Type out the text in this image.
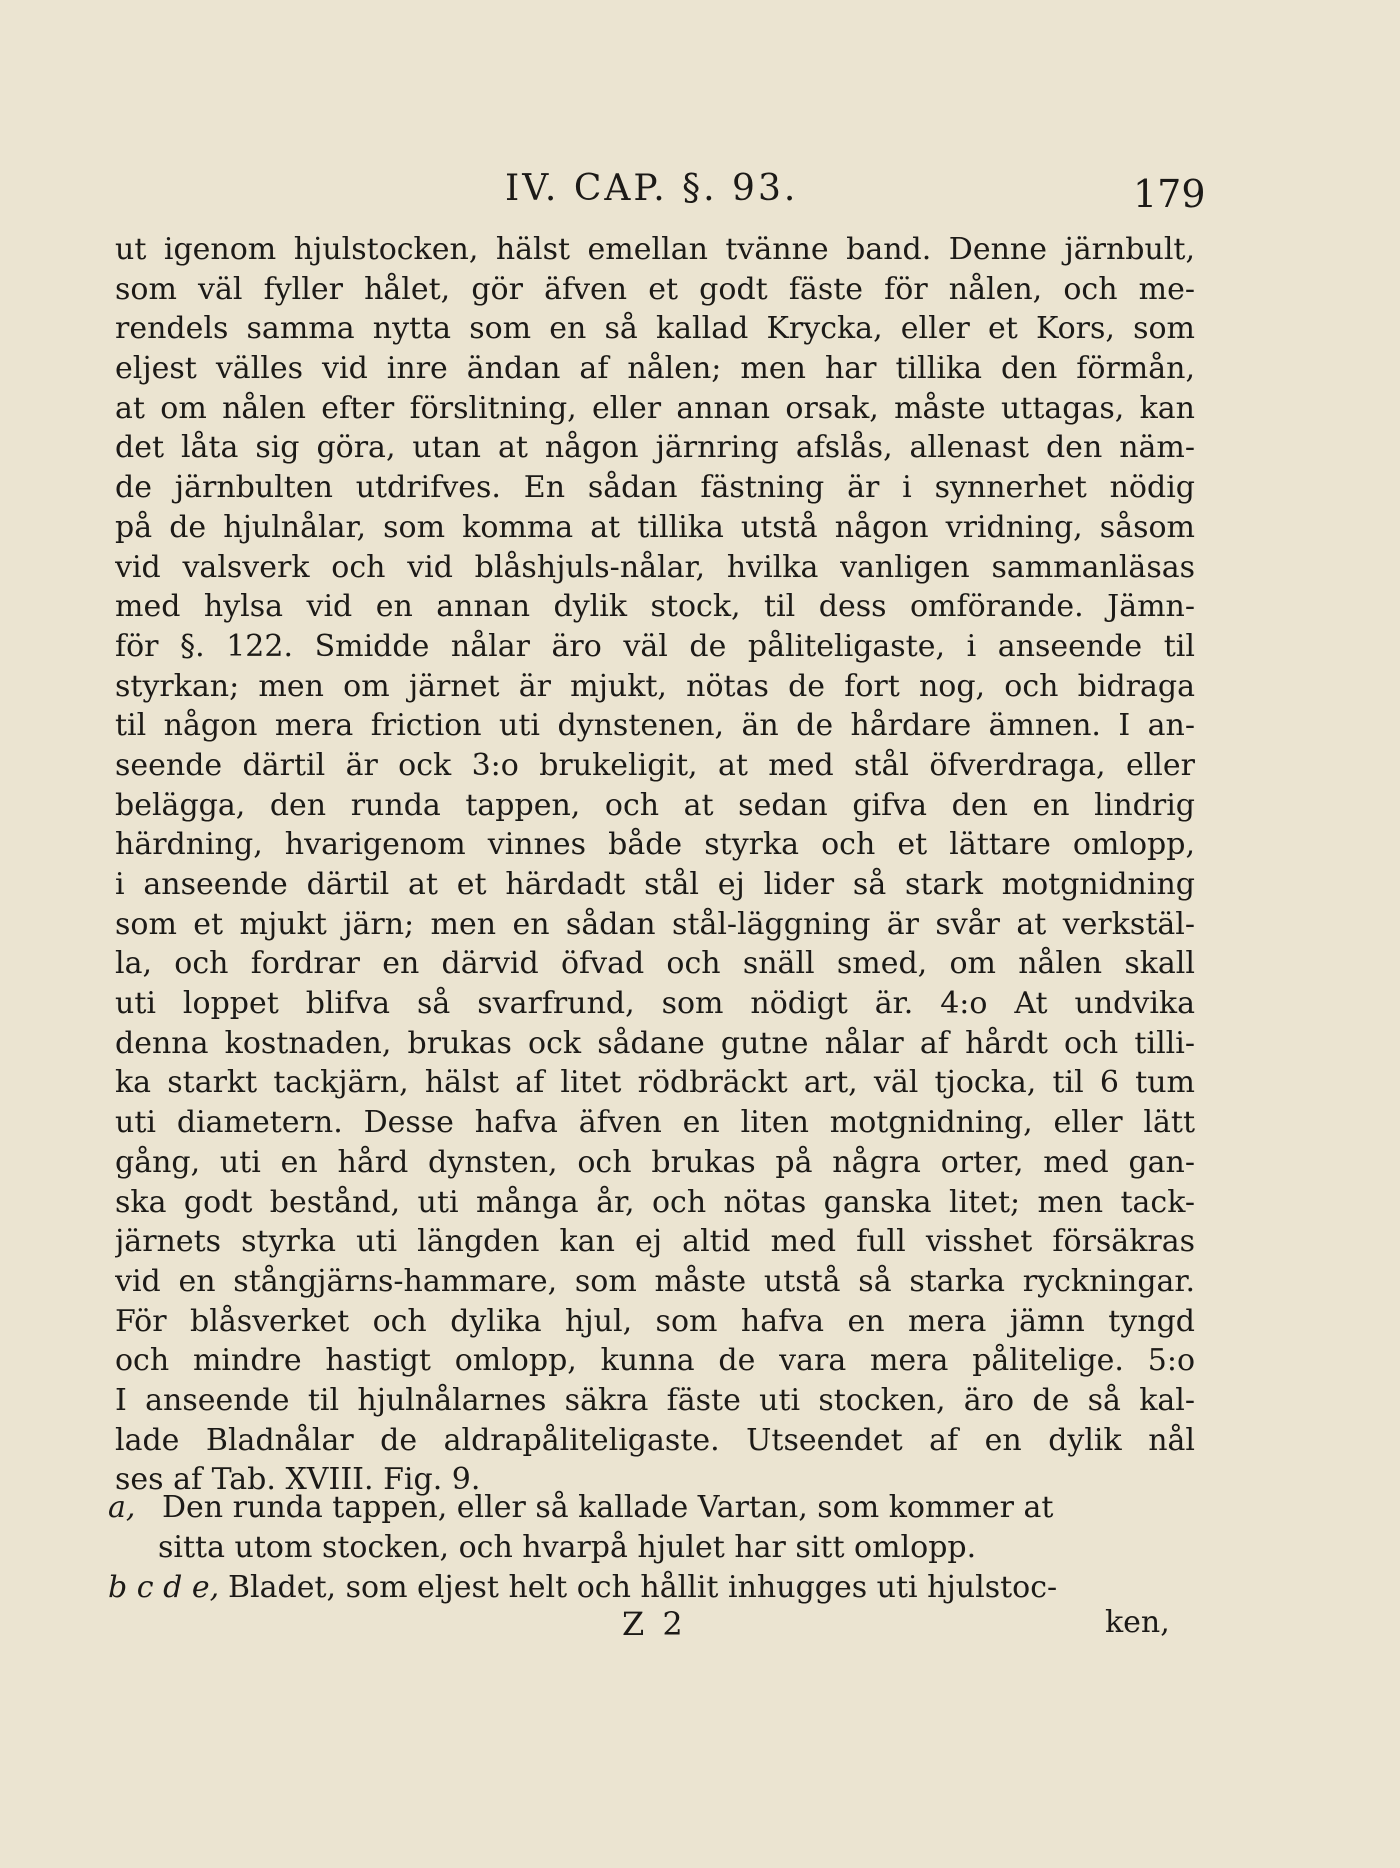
IV. CAP. §. 93.	179
ut igenom hjulstocken, hälst emellan tvänne band. Denne järnbult,
som väl fyller hålet, gör äfven et godt fäste för nålen, och me-
rendels samma nytta som en så kallad Krycka, eller et Kors, som
eljest välles vid inre ändan af nålen; men har tillika den förmån,
at om nålen efter förslitning, eller annan orsak, måste uttagas, kan
det låta sig göra, utan at någon järnring afslås, allenast den näm-
de järnbulten utdrifves. En sådan fästning är i synnerhet nödig
på de hjulnålar, som komma at tillika utstå någon vridning, såsom
vid valsverk och vid blåshjuls-nålar, hvilka vanligen sammanläsas
med hylsa vid en annan dylik stock, til dess omförande. Jämn-
för §. 122. Smidde nålar äro väl de påliteligaste, i anseende til
styrkan; men om järnet är mjukt, nötas de fort nog, och bidraga
til någon mera friction uti dynstenen, än de hårdare ämnen. I an-
seende därtil är ock 3:o brukeligit, at med stål öfverdraga, eller
belägga, den runda tappen, och at sedan gifva den en lindrig
härdning, hvarigenom vinnes både styrka och et lättare omlopp,
i anseende därtil at et härdadt stål ej lider så stark motgnidning
som et mjukt järn; men en sådan stål-läggning är svår at verkstäl-
la, och fordrar en därvid öfvad och snäll smed, om nålen skall
uti loppet blifva så svarfrund, som nödigt är. 4:o At undvika
denna kostnaden, brukas ock sådane gutne nålar af hårdt och tilli-
ka starkt tackjärn, hälst af litet rödbräckt art, väl tjocka, til 6 tum
uti diametern. Desse hafva äfven en liten motgnidning, eller lätt
gång, uti en hård dynsten, och brukas på några orter, med gan-
ska godt bestånd, uti många år, och nötas ganska litet; men tack-
järnets styrka uti längden kan ej altid med full visshet försäkras
vid en stångjärns-hammare, som måste utstå så starka ryckningar.
För blåsverket och dylika hjul, som hafva en mera jämn tyngd
och mindre hastigt omlopp, kunna de vara mera pålitelige. 5:o
I anseende til hjulnålarnes säkra fäste uti stocken, äro de så kal-
lade Bladnålar de aldrapåliteligaste. Utseendet af en dylik nål
ses af Tab. XVIII. Fig. 9.
a, Den runda tappen, eller så kallade Vartan, som kommer at
sitta utom stocken, och hvarpå hjulet har sitt omlopp.
b c d e, Bladet, som eljest helt och hållit inhugges uti hjulstoc-
Z 2	ken,
